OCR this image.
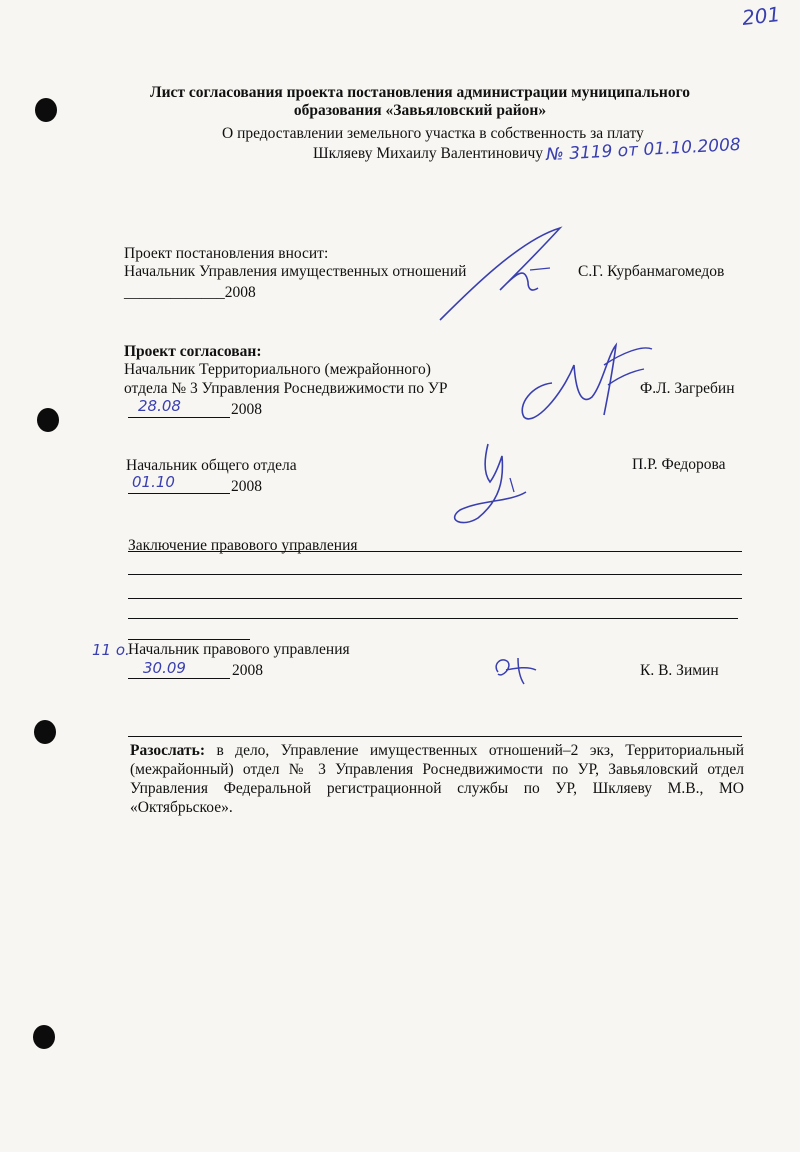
201
Лист согласования проекта постановления администрации муниципального
образования «Завьяловский район»
О предоставлении земельного участка в собственность за плату
Шкляеву Михаилу Валентиновичу № 3119 от 01.10.2008
Проект постановления вносит:
Начальник Управления имущественных отношений
_____________2008
С.Г. Курбанмагомедов
Проект согласован:
Начальник Территориального (межрайонного)
отдела № 3 Управления Роснедвижимости по УР
28.08	2008
Ф.Л. Загребин
Начальник общего отдела
01.10	2008
П.Р. Федорова
Заключение правового управления
11 о.
Начальник правового управления
30.09	2008	К. В. Зимин
Разослать: в дело, Управление имущественных отношений–2 экз, Территориальный (межрайонный) отдел № 3 Управления Роснедвижимости по УР, Завьяловский отдел Управления Федеральной регистрационной службы по УР, Шкляеву М.В., МО «Октябрьское».
